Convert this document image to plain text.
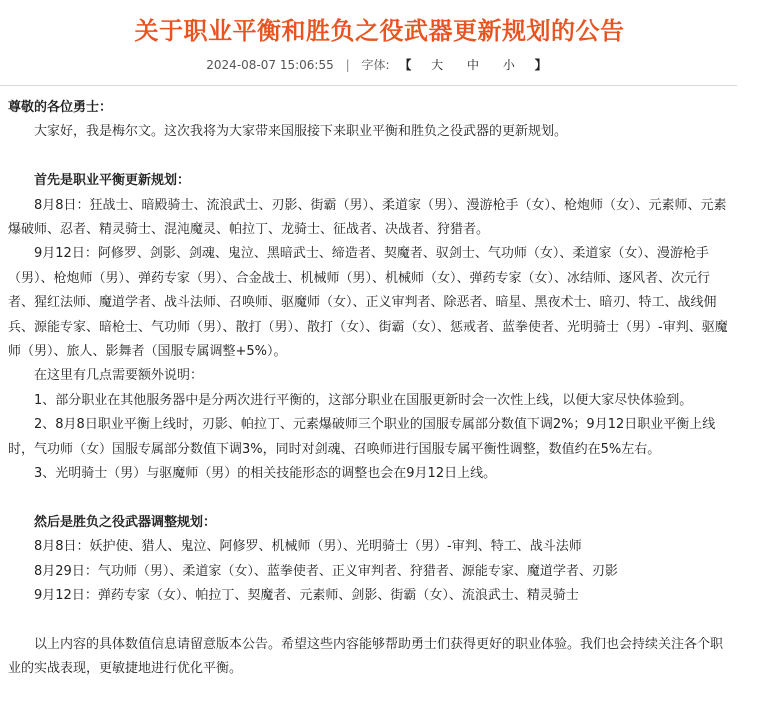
关于职业平衡和胜负之役武器更新规划的公告
2024-08-07 15:06:55 | 字体: 【 大 中 小 】

尊敬的各位勇士：

大家好，我是梅尔文。这次我将为大家带来国服接下来职业平衡和胜负之役武器的更新规划。

首先是职业平衡更新规划：

8月8日：狂战士、暗殿骑士、流浪武士、刃影、街霸（男）、柔道家（男）、漫游枪手（女）、枪炮师（女）、元素师、元素爆破师、忍者、精灵骑士、混沌魔灵、帕拉丁、龙骑士、征战者、决战者、狩猎者。

9月12日：阿修罗、剑影、剑魂、鬼泣、黑暗武士、缔造者、契魔者、驭剑士、气功师（女）、柔道家（女）、漫游枪手（男）、枪炮师（男）、弹药专家（男）、合金战士、机械师（男）、机械师（女）、弹药专家（女）、冰结师、逐风者、次元行者、猩红法师、魔道学者、战斗法师、召唤师、驱魔师（女）、正义审判者、除恶者、暗星、黑夜术士、暗刃、特工、战线佣兵、源能专家、暗枪士、气功师（男）、散打（男）、散打（女）、街霸（女）、惩戒者、蓝拳使者、光明骑士（男）-审判、驱魔师（男）、旅人、影舞者（国服专属调整+5%）。

在这里有几点需要额外说明：

1、部分职业在其他服务器中是分两次进行平衡的，这部分职业在国服更新时会一次性上线，以便大家尽快体验到。

2、8月8日职业平衡上线时，刃影、帕拉丁、元素爆破师三个职业的国服专属部分数值下调2%；9月12日职业平衡上线时，气功师（女）国服专属部分数值下调3%，同时对剑魂、召唤师进行国服专属平衡性调整，数值约在5%左右。

3、光明骑士（男）与驱魔师（男）的相关技能形态的调整也会在9月12日上线。

然后是胜负之役武器调整规划：

8月8日：妖护使、猎人、鬼泣、阿修罗、机械师（男）、光明骑士（男）-审判、特工、战斗法师

8月29日：气功师（男）、柔道家（女）、蓝拳使者、正义审判者、狩猎者、源能专家、魔道学者、刃影

9月12日：弹药专家（女）、帕拉丁、契魔者、元素师、剑影、街霸（女）、流浪武士、精灵骑士

以上内容的具体数值信息请留意版本公告。希望这些内容能够帮助勇士们获得更好的职业体验。我们也会持续关注各个职业的实战表现，更敏捷地进行优化平衡。
